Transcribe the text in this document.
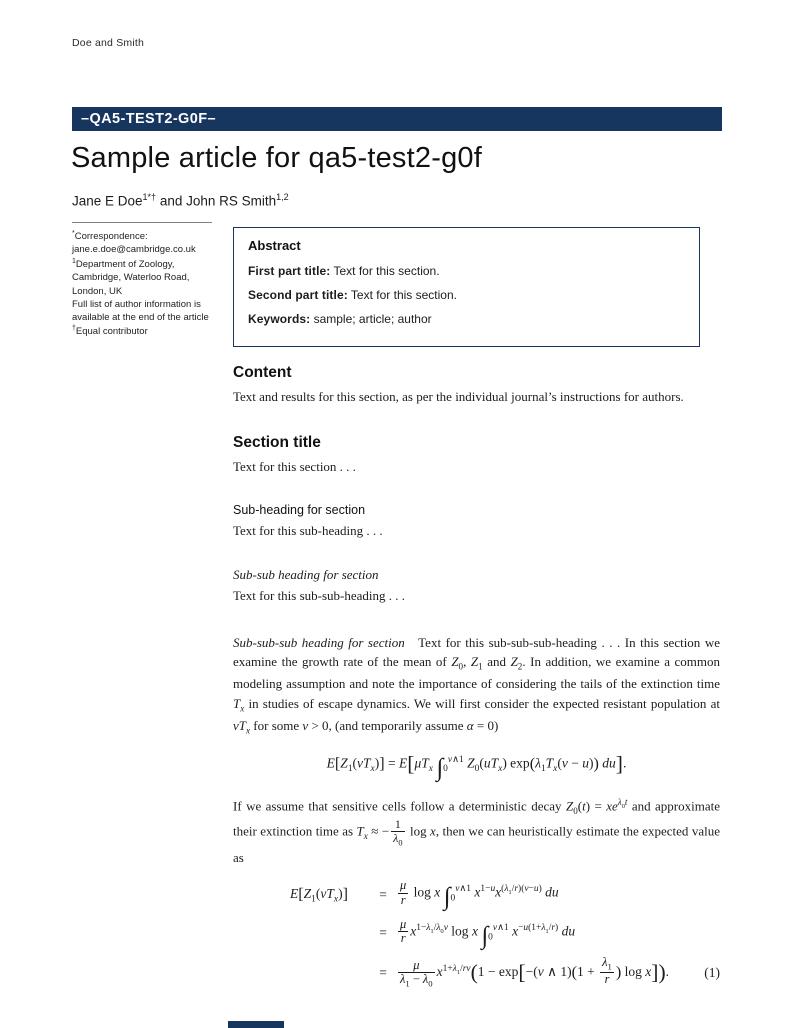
Doe and Smith
–QA5-TEST2-G0F–
Sample article for qa5-test2-g0f
Jane E Doe$^{1*\dagger}$ and John RS Smith$^{1,2}$

*Correspondence: jane.e.doe@cambridge.co.uk

$^1$Department of Zoology, Cambridge, Waterloo Road, London, UK

Full list of author information is available at the end of the article

†Equal contributor

Abstract

First part title: Text for this section.

Second part title: Text for this section.

Keywords: sample; article; author

Content

Text and results for this section, as per the individual journal’s instructions for authors.

Section title

Text for this section . . .

Sub-heading for section

Text for this sub-heading . . .

Sub-sub heading for section

Text for this sub-sub-heading . . .

Sub-sub-sub heading for section   Text for this sub-sub-sub-heading . . . In this section we examine the growth rate of the mean of $Z_0$, $Z_1$ and $Z_2$. In addition, we examine a common modeling assumption and note the importance of considering the tails of the extinction time $T_x$ in studies of escape dynamics. We will first consider the expected resistant population at $vT_x$ for some v > 0, (and temporarily assume α = 0)

$E[Z_1(vT_x)] = E[\mu T_x$ $\int_0^{v\wedge 1}$ $Z_0(uT_x) \exp(\lambda_1T_x(v - u))$ du].

If we assume that sensitive cells follow a deterministic decay $Z_0(t) = xe^{\lambda_0t}$ and approximate their extinction time as $T_x$ ≈ − $\frac{1}{\lambda_0}$ log x, then we can heuristically estimate the expected value as

$E[Z_1(vT_x)]$	= $\frac{\mu}{r}$ log x $\int_0^{v\wedge 1}$ $x^{1-u}x^{(\lambda_1/r)(v-u)}$ du
= $\frac{\mu}{r} x^{1-\lambda_1/\lambda_0v}$ log x $\int_0^{v\wedge 1}$ $x^{-u(1+\lambda_1/r)}$ du
= $\frac{\mu}{\lambda_1 - \lambda_0} x^{1+\lambda_1/rv}(1 - \exp[-(v$ ∧ $1)(1 + \frac{\lambda_1}{r}$ ) log x]).	(1)
